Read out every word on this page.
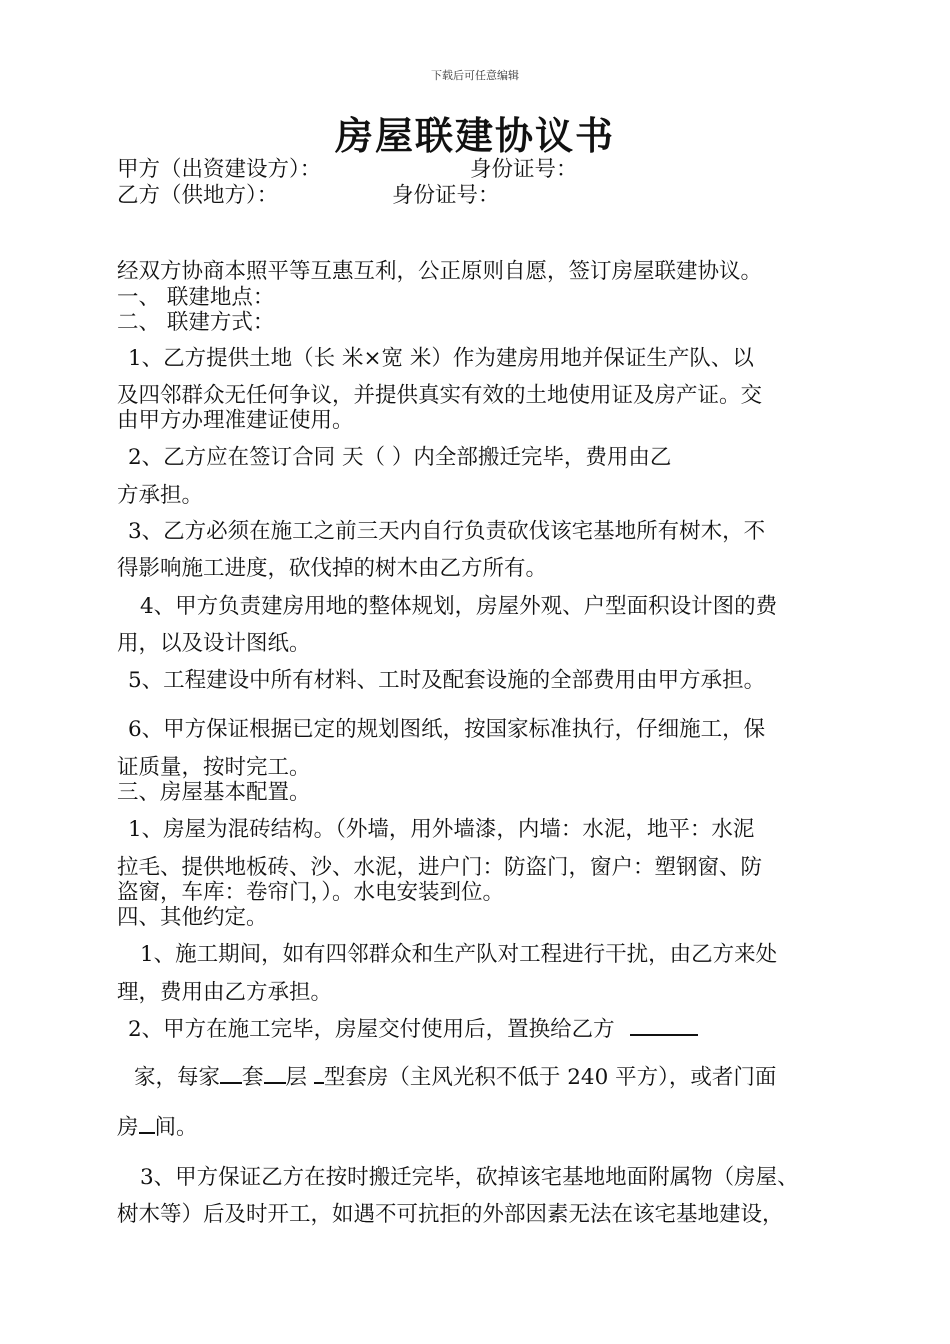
下载后可任意编辑
房屋联建协议书
甲方（出资建设方）：	身份证号：
乙方（供地方）：	身份证号：
经双方协商本照平等互惠互利，公正原则自愿，签订房屋联建协议。
一、 联建地点：
二、 联建方式：
1、乙方提供土地（长 米×宽 米）作为建房用地并保证生产队、以
及四邻群众无任何争议，并提供真实有效的土地使用证及房产证。交
由甲方办理准建证使用。
2、乙方应在签订合同 天（ ）内全部搬迁完毕，费用由乙
方承担。
3、乙方必须在施工之前三天内自行负责砍伐该宅基地所有树木，不
得影响施工进度，砍伐掉的树木由乙方所有。
4、甲方负责建房用地的整体规划，房屋外观、户型面积设计图的费
用，以及设计图纸。
5、工程建设中所有材料、工时及配套设施的全部费用由甲方承担。
6、甲方保证根据已定的规划图纸，按国家标准执行，仔细施工，保
证质量，按时完工。
三、房屋基本配置。
1、房屋为混砖结构。（外墙，用外墙漆，内墙：水泥，地平：水泥
拉毛、提供地板砖、沙、水泥，进户门：防盗门，窗户：塑钢窗、防
盗窗，车库：卷帘门，）。水电安装到位。
四、其他约定。
1、施工期间，如有四邻群众和生产队对工程进行干扰，由乙方来处
理，费用由乙方承担。
2、甲方在施工完毕，房屋交付使用后，置换给乙方
家，每家 套 层 型套房（主风光积不低于 240 平方），或者门面
房 间。
3、甲方保证乙方在按时搬迁完毕，砍掉该宅基地地面附属物（房屋、
树木等）后及时开工，如遇不可抗拒的外部因素无法在该宅基地建设，
